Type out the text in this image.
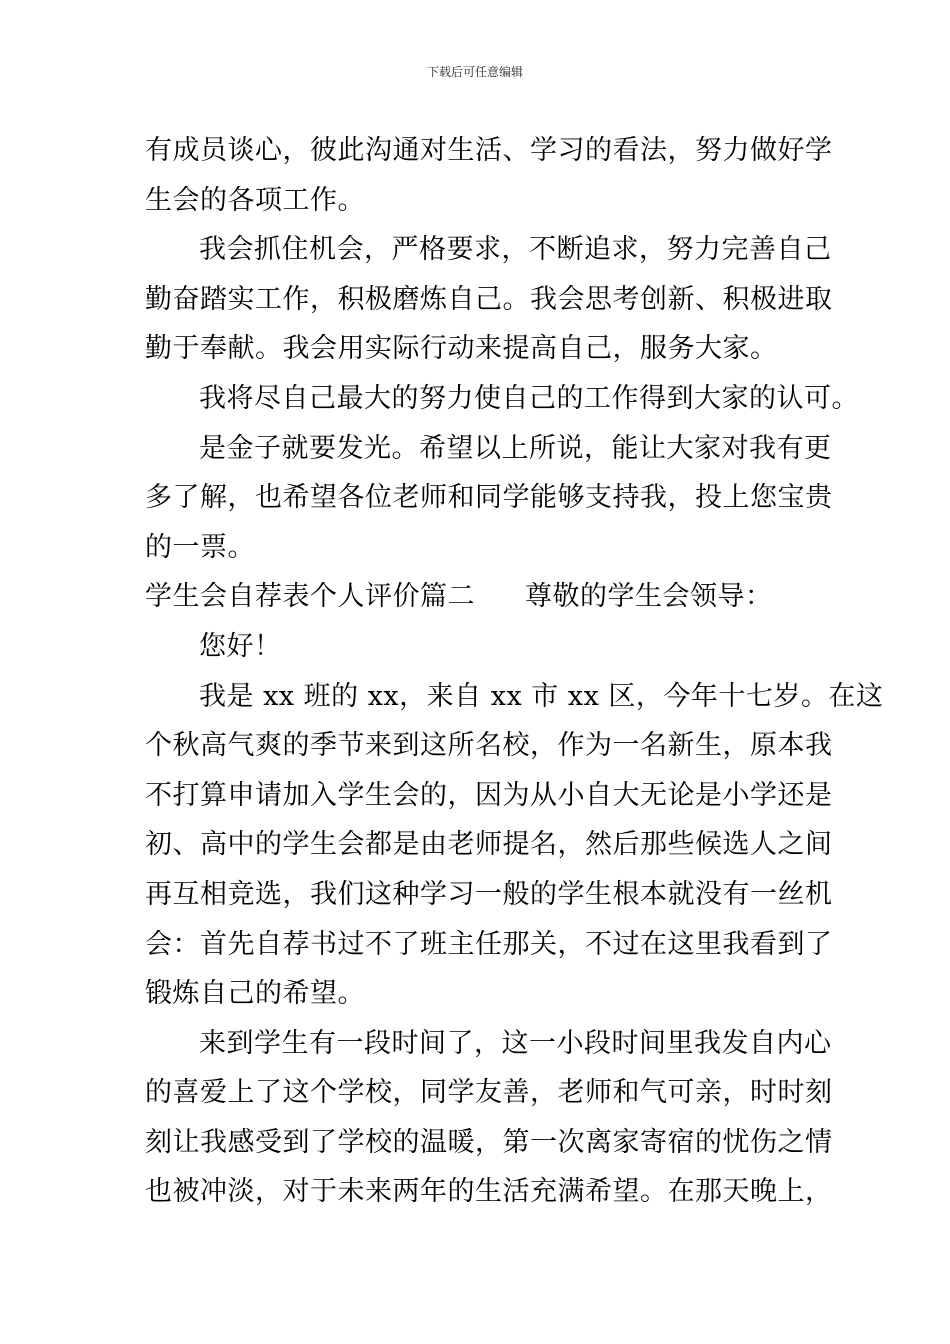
下载后可任意编辑
有成员谈心，彼此沟通对生活、学习的看法，努力做好学
生会的各项工作。
我会抓住机会，严格要求，不断追求，努力完善自己
勤奋踏实工作，积极磨炼自己。我会思考创新、积极进取
勤于奉献。我会用实际行动来提高自己，服务大家。
我将尽自己最大的努力使自己的工作得到大家的认可。
是金子就要发光。希望以上所说，能让大家对我有更
多了解，也希望各位老师和同学能够支持我，投上您宝贵
的一票。
学生会自荐表个人评价篇二 尊敬的学生会领导：
您好！
我是 xx 班的 xx，来自 xx 市 xx 区，今年十七岁。在这
个秋高气爽的季节来到这所名校，作为一名新生，原本我
不打算申请加入学生会的，因为从小自大无论是小学还是
初、高中的学生会都是由老师提名，然后那些候选人之间
再互相竞选，我们这种学习一般的学生根本就没有一丝机
会：首先自荐书过不了班主任那关，不过在这里我看到了
锻炼自己的希望。
来到学生有一段时间了，这一小段时间里我发自内心
的喜爱上了这个学校，同学友善，老师和气可亲，时时刻
刻让我感受到了学校的温暖，第一次离家寄宿的忧伤之情
也被冲淡，对于未来两年的生活充满希望。在那天晚上，
